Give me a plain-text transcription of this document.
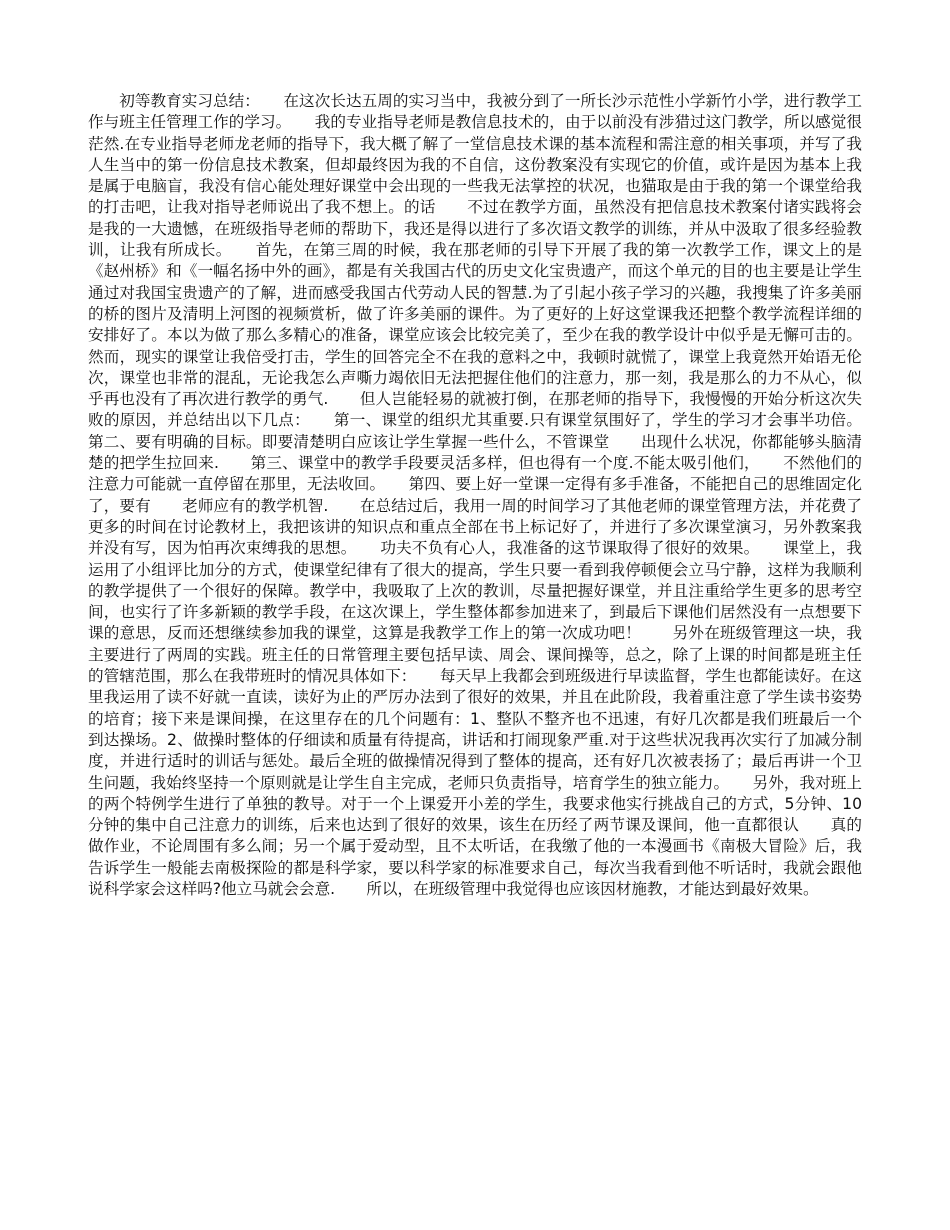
初等教育实习总结：　　在这次长达五周的实习当中，我被分到了一所长沙示范性小学新竹小学，进行教学工作与班主任管理工作的学习。　　我的专业指导老师是教信息技术的，由于以前没有涉猎过这门教学，所以感觉很茫然.在专业指导老师龙老师的指导下，我大概了解了一堂信息技术课的基本流程和需注意的相关事项，并写了我人生当中的第一份信息技术教案，但却最终因为我的不自信，这份教案没有实现它的价值，或许是因为基本上我是属于电脑盲，我没有信心能处理好课堂中会出现的一些我无法掌控的状况，也猫取是由于我的第一个课堂给我的打击吧，让我对指导老师说出了我不想上。的话　　不过在教学方面，虽然没有把信息技术教案付诸实践将会是我的一大遗憾，在班级指导老师的帮助下，我还是得以进行了多次语文教学的训练，并从中汲取了很多经验教训，让我有所成长。　　首先，在第三周的时候，我在那老师的引导下开展了我的第一次教学工作，课文上的是《赵州桥》和《一幅名扬中外的画》，都是有关我国古代的历史文化宝贵遗产，而这个单元的目的也主要是让学生通过对我国宝贵遗产的了解，进而感受我国古代劳动人民的智慧.为了引起小孩子学习的兴趣，我搜集了许多美丽的桥的图片及清明上河图的视频赏析，做了许多美丽的课件。为了更好的上好这堂课我还把整个教学流程详细的安排好了。本以为做了那么多精心的准备，课堂应该会比较完美了，至少在我的教学设计中似乎是无懈可击的。然而，现实的课堂让我倍受打击，学生的回答完全不在我的意料之中，我顿时就慌了，课堂上我竟然开始语无伦次，课堂也非常的混乱，无论我怎么声嘶力竭依旧无法把握住他们的注意力，那一刻，我是那么的力不从心，似乎再也没有了再次进行教学的勇气.　　但人岂能轻易的就被打倒，在那老师的指导下，我慢慢的开始分析这次失败的原因，并总结出以下几点：　　第一、课堂的组织尤其重要.只有课堂氛围好了，学生的学习才会事半功倍。第二、要有明确的目标。即要清楚明白应该让学生掌握一些什么，不管课堂　　出现什么状况，你都能够头脑清楚的把学生拉回来.　　第三、课堂中的教学手段要灵活多样，但也得有一个度.不能太吸引他们，　　不然他们的注意力可能就一直停留在那里，无法收回。　　第四、要上好一堂课一定得有多手准备，不能把自己的思维固定化了，要有　　老师应有的教学机智.　　在总结过后，我用一周的时间学习了其他老师的课堂管理方法，并花费了更多的时间在讨论教材上，我把该讲的知识点和重点全部在书上标记好了，并进行了多次课堂演习，另外教案我并没有写，因为怕再次束缚我的思想。　　功夫不负有心人，我准备的这节课取得了很好的效果。　　课堂上，我运用了小组评比加分的方式，使课堂纪律有了很大的提高，学生只要一看到我停顿便会立马宁静，这样为我顺利的教学提供了一个很好的保障。教学中，我吸取了上次的教训，尽量把握好课堂，并且注重给学生更多的思考空间，也实行了许多新颖的教学手段，在这次课上，学生整体都参加进来了，到最后下课他们居然没有一点想要下课的意思，反而还想继续参加我的课堂，这算是我教学工作上的第一次成功吧！　　另外在班级管理这一块，我主要进行了两周的实践。班主任的日常管理主要包括早读、周会、课间操等，总之，除了上课的时间都是班主任的管辖范围，那么在我带班时的情况具体如下：　　每天早上我都会到班级进行早读监督，学生也都能读好。在这里我运用了读不好就一直读，读好为止的严厉办法到了很好的效果，并且在此阶段，我着重注意了学生读书姿势的培育；接下来是课间操，在这里存在的几个问题有：1、整队不整齐也不迅速，有好几次都是我们班最后一个到达操场。2、做操时整体的仔细读和质量有待提高，讲话和打闹现象严重.对于这些状况我再次实行了加减分制度，并进行适时的训话与惩处。最后全班的做操情况得到了整体的提高，还有好几次被表扬了；最后再讲一个卫生问题，我始终坚持一个原则就是让学生自主完成，老师只负责指导，培育学生的独立能力。　　另外，我对班上的两个特例学生进行了单独的教导。对于一个上课爱开小差的学生，我要求他实行挑战自己的方式，5分钟、10分钟的集中自己注意力的训练，后来也达到了很好的效果，该生在历经了两节课及课间，他一直都很认　　真的做作业，不论周围有多么闹；另一个属于爱动型，且不太听话，在我缴了他的一本漫画书《南极大冒险》后，我告诉学生一般能去南极探险的都是科学家，要以科学家的标准要求自己，每次当我看到他不听话时，我就会跟他说科学家会这样吗?他立马就会会意.　　所以，在班级管理中我觉得也应该因材施教，才能达到最好效果。
